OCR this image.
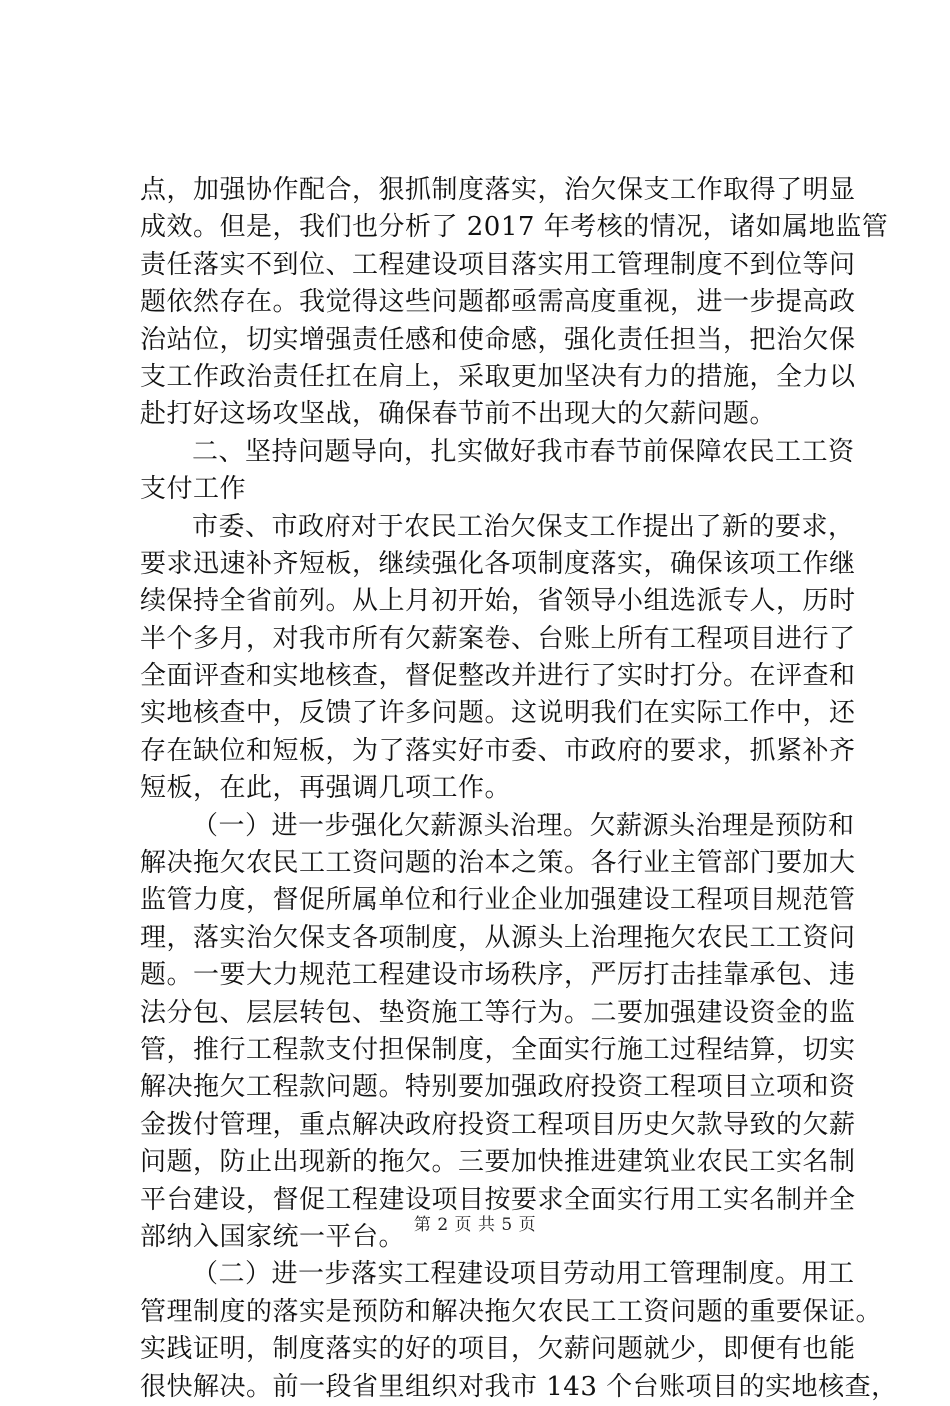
点，加强协作配合，狠抓制度落实，治欠保支工作取得了明显
成效。但是，我们也分析了 2017 年考核的情况，诸如属地监管
责任落实不到位、工程建设项目落实用工管理制度不到位等问
题依然存在。我觉得这些问题都亟需高度重视，进一步提高政
治站位，切实增强责任感和使命感，强化责任担当，把治欠保
支工作政治责任扛在肩上，采取更加坚决有力的措施，全力以
赴打好这场攻坚战，确保春节前不出现大的欠薪问题。
二、坚持问题导向，扎实做好我市春节前保障农民工工资
支付工作
市委、市政府对于农民工治欠保支工作提出了新的要求，
要求迅速补齐短板，继续强化各项制度落实，确保该项工作继
续保持全省前列。从上月初开始，省领导小组选派专人，历时
半个多月，对我市所有欠薪案卷、台账上所有工程项目进行了
全面评查和实地核查，督促整改并进行了实时打分。在评查和
实地核查中，反馈了许多问题。这说明我们在实际工作中，还
存在缺位和短板，为了落实好市委、市政府的要求，抓紧补齐
短板，在此，再强调几项工作。
（一）进一步强化欠薪源头治理。欠薪源头治理是预防和
解决拖欠农民工工资问题的治本之策。各行业主管部门要加大
监管力度，督促所属单位和行业企业加强建设工程项目规范管
理，落实治欠保支各项制度，从源头上治理拖欠农民工工资问
题。一要大力规范工程建设市场秩序，严厉打击挂靠承包、违
法分包、层层转包、垫资施工等行为。二要加强建设资金的监
管，推行工程款支付担保制度，全面实行施工过程结算，切实
解决拖欠工程款问题。特别要加强政府投资工程项目立项和资
金拨付管理，重点解决政府投资工程项目历史欠款导致的欠薪
问题，防止出现新的拖欠。三要加快推进建筑业农民工实名制
平台建设，督促工程建设项目按要求全面实行用工实名制并全
部纳入国家统一平台。
（二）进一步落实工程建设项目劳动用工管理制度。用工
管理制度的落实是预防和解决拖欠农民工工资问题的重要保证。
实践证明，制度落实的好的项目，欠薪问题就少，即便有也能
很快解决。前一段省里组织对我市 143 个台账项目的实地核查，
第 2 页 共 5 页
